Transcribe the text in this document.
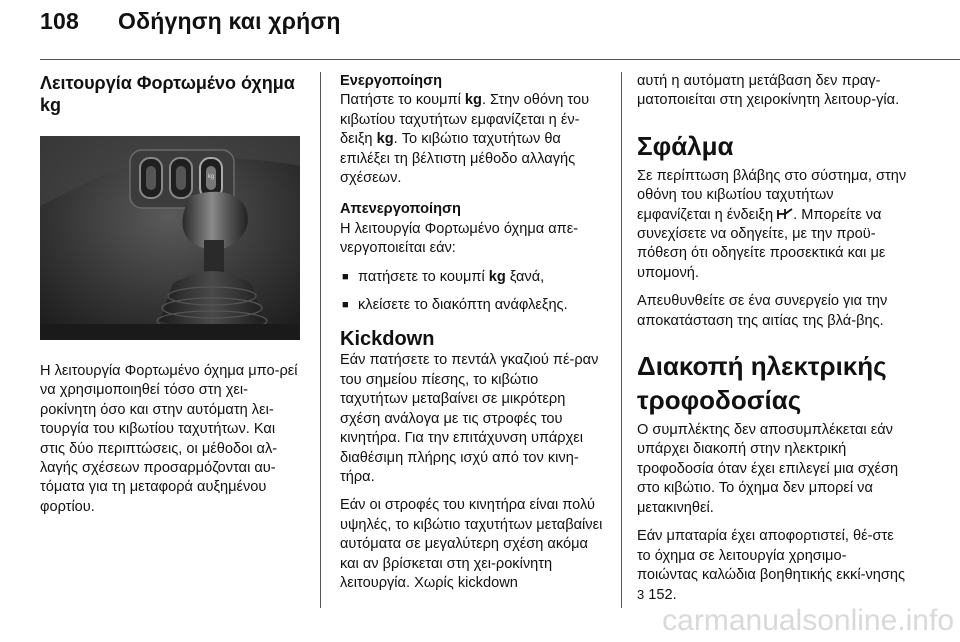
108 Οδήγηση και χρήση
Λειτουργία Φορτωμένο όχημα kg
kg

Η λειτουργία Φορτωμένο όχημα μπο-ρεί να χρησιμοποιηθεί τόσο στη χει-ροκίνητη όσο και στην αυτόματη λει-τουργία του κιβωτίου ταχυτήτων. Και στις δύο περιπτώσεις, οι μέθοδοι αλ-λαγής σχέσεων προσαρμόζονται αυ-τόματα για τη μεταφορά αυξημένου φορτίου.

Ενεργοποίηση

Πατήστε το κουμπί kg. Στην οθόνη του κιβωτίου ταχυτήτων εμφανίζεται η έν-δειξη kg. Το κιβώτιο ταχυτήτων θα επιλέξει τη βέλτιστη μέθοδο αλλαγής σχέσεων.

Απενεργοποίηση

Η λειτουργία Φορτωμένο όχημα απε-νεργοποιείται εάν:

■ πατήσετε το κουμπί kg ξανά,
■ κλείσετε το διακόπτη ανάφλεξης.
Kickdown

Εάν πατήσετε το πεντάλ γκαζιού πέ-ραν του σημείου πίεσης, το κιβώτιο ταχυτήτων μεταβαίνει σε μικρότερη σχέση ανάλογα με τις στροφές του κινητήρα. Για την επιτάχυνση υπάρχει διαθέσιμη πλήρης ισχύ από τον κινη-τήρα.

Εάν οι στροφές του κινητήρα είναι πολύ υψηλές, το κιβώτιο ταχυτήτων μεταβαίνει αυτόματα σε μεγαλύτερη σχέση ακόμα και αν βρίσκεται στη χει-ροκίνητη λειτουργία. Χωρίς kickdown

αυτή η αυτόματη μετάβαση δεν πραγ-ματοποιείται στη χειροκίνητη λειτουρ-γία.

Σφάλμα

Σε περίπτωση βλάβης στο σύστημα, στην οθόνη του κιβωτίου ταχυτήτων εμφανίζεται η ένδειξη . Μπορείτε να συνεχίσετε να οδηγείτε, με την προϋ-πόθεση ότι οδηγείτε προσεκτικά και με υπομονή.

Απευθυνθείτε σε ένα συνεργείο για την αποκατάσταση της αιτίας της βλά-βης.

Διακοπή ηλεκτρικής τροφοδοσίας

Ο συμπλέκτης δεν αποσυμπλέκεται εάν υπάρχει διακοπή στην ηλεκτρική τροφοδοσία όταν έχει επιλεγεί μια σχέση στο κιβώτιο. Το όχημα δεν μπορεί να μετακινηθεί.

Εάν μπαταρία έχει αποφορτιστεί, θέ-στε το όχημα σε λειτουργία χρησιμο-ποιώντας καλώδια βοηθητικής εκκί-νησης 3 152.

carmanualsonline.info
